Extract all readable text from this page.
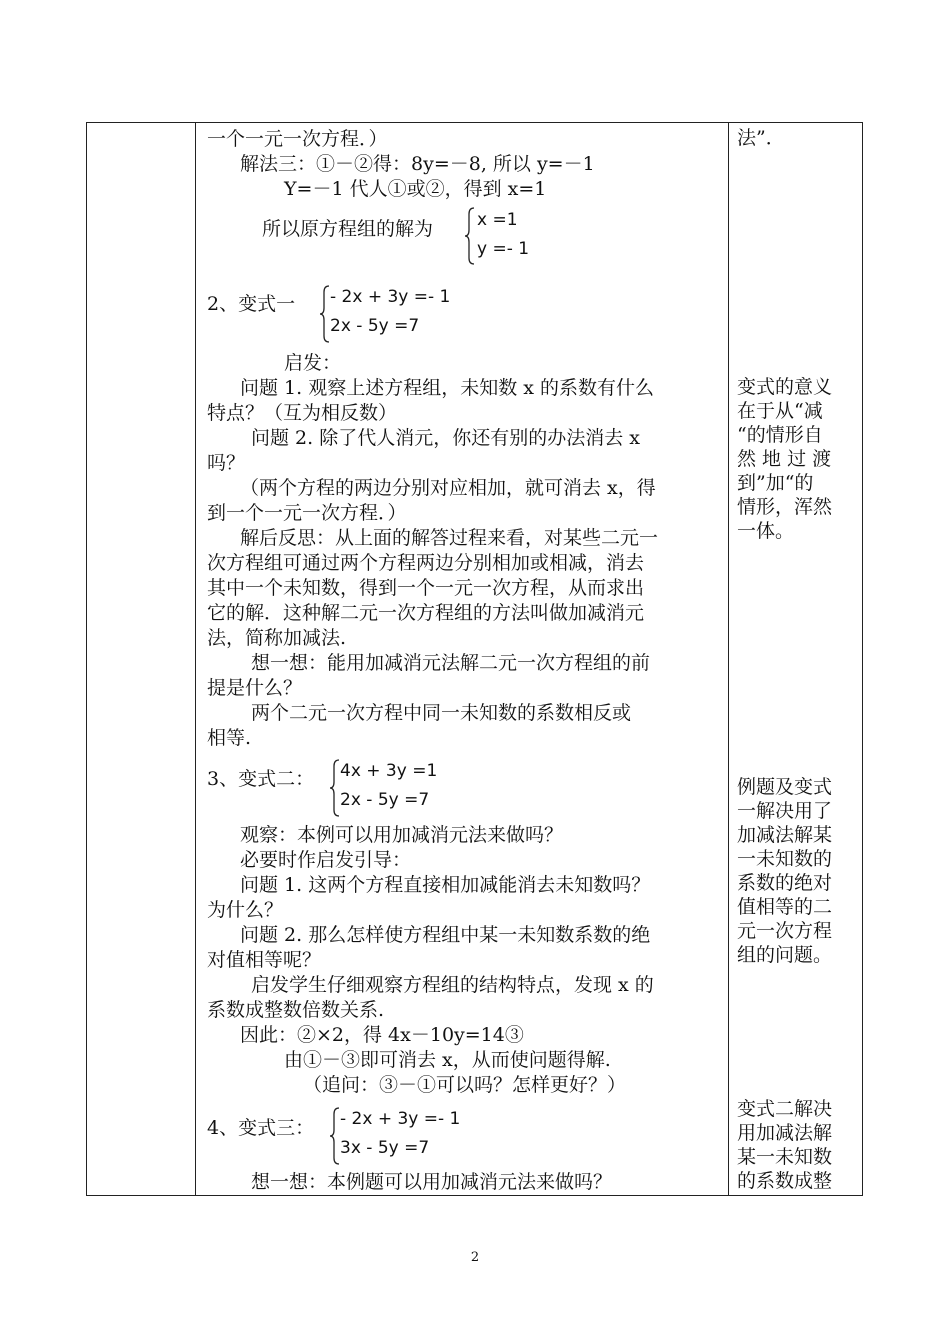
一个一元一次方程．）
解法三：①－②得：8y=－8, 所以 y=－1
Y=－1 代人①或②，得到 x=1
所以原方程组的解为	x =1
y =- 1
2、变式一 - 2x + 3y =- 1
2x - 5y =7
启发：
问题 1. 观察上述方程组，未知数 x 的系数有什么
特点？（互为相反数）
问题 2. 除了代人消元，你还有别的办法消去 x
吗？
（两个方程的两边分别对应相加，就可消去 x，得
到一个一元一次方程．）
解后反思：从上面的解答过程来看，对某些二元一
次方程组可通过两个方程两边分别相加或相减，消去
其中一个未知数，得到一个一元一次方程，从而求出
它的解．这种解二元一次方程组的方法叫做加减消元
法，简称加减法.
想一想：能用加减消元法解二元一次方程组的前
提是什么？
两个二元一次方程中同一未知数的系数相反或
相等.
3、变式二： 4x + 3y =1
2x - 5y =7
观察：本例可以用加减消元法来做吗？
必要时作启发引导：
问题 1. 这两个方程直接相加减能消去未知数吗？
为什么？
问题 2. 那么怎样使方程组中某一未知数系数的绝
对值相等呢？
启发学生仔细观察方程组的结构特点，发现 x 的
系数成整数倍数关系.
因此：②×2，得 4x－10y=14③
由①－③即可消去 x，从而使问题得解.
（追问：③－①可以吗？怎样更好？）
4、变式三： - 2x + 3y =- 1
3x - 5y =7
想一想：本例题可以用加减消元法来做吗？
法”．
变式的意义
在于从“减
“的情形自
然 地 过 渡
到”加“的
情形，浑然
一体。
例题及变式
一解决用了
加减法解某
一未知数的
系数的绝对
值相等的二
元一次方程
组的问题。
变式二解决
用加减法解
某一未知数
的系数成整
2
